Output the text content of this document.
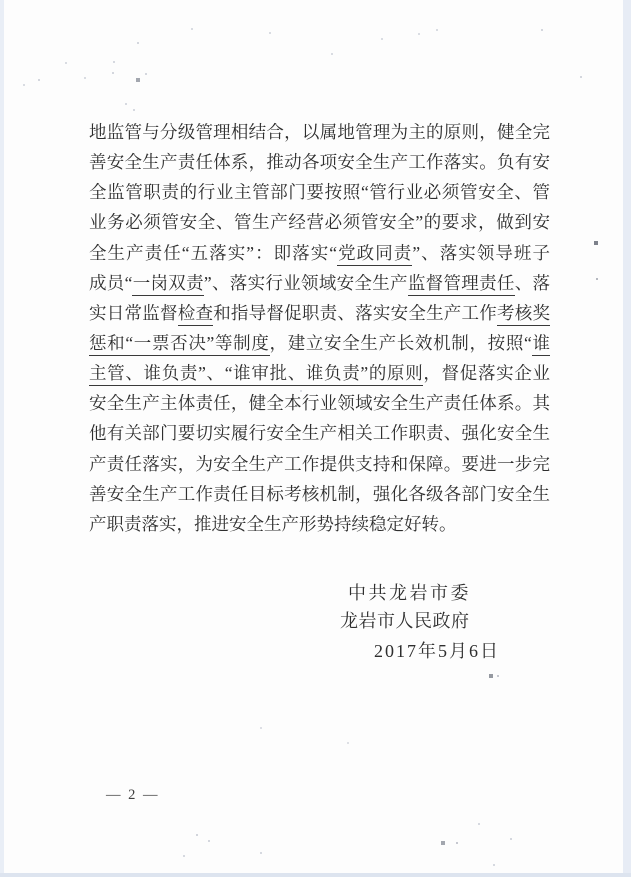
地监管与分级管理相结合，以属地管理为主的原则，健全完
善安全生产责任体系，推动各项安全生产工作落实。负有安
全监管职责的行业主管部门要按照“管行业必须管安全、管
业务必须管安全、管生产经营必须管安全”的要求，做到安
全生产责任“五落实”：即落实“党政同责”、落实领导班子
成员“一岗双责”、落实行业领域安全生产监督管理责任、落
实日常监督检查和指导督促职责、落实安全生产工作考核奖
惩和“一票否决”等制度，建立安全生产长效机制，按照“谁
主管、谁负责”、“谁审批、谁负责”的原则，督促落实企业
安全生产主体责任，健全本行业领域安全生产责任体系。其
他有关部门要切实履行安全生产相关工作职责、强化安全生
产责任落实，为安全生产工作提供支持和保障。要进一步完
善安全生产工作责任目标考核机制，强化各级各部门安全生
产职责落实，推进安全生产形势持续稳定好转。
中共龙岩市委
龙岩市人民政府
2017年5月6日
— 2 —
